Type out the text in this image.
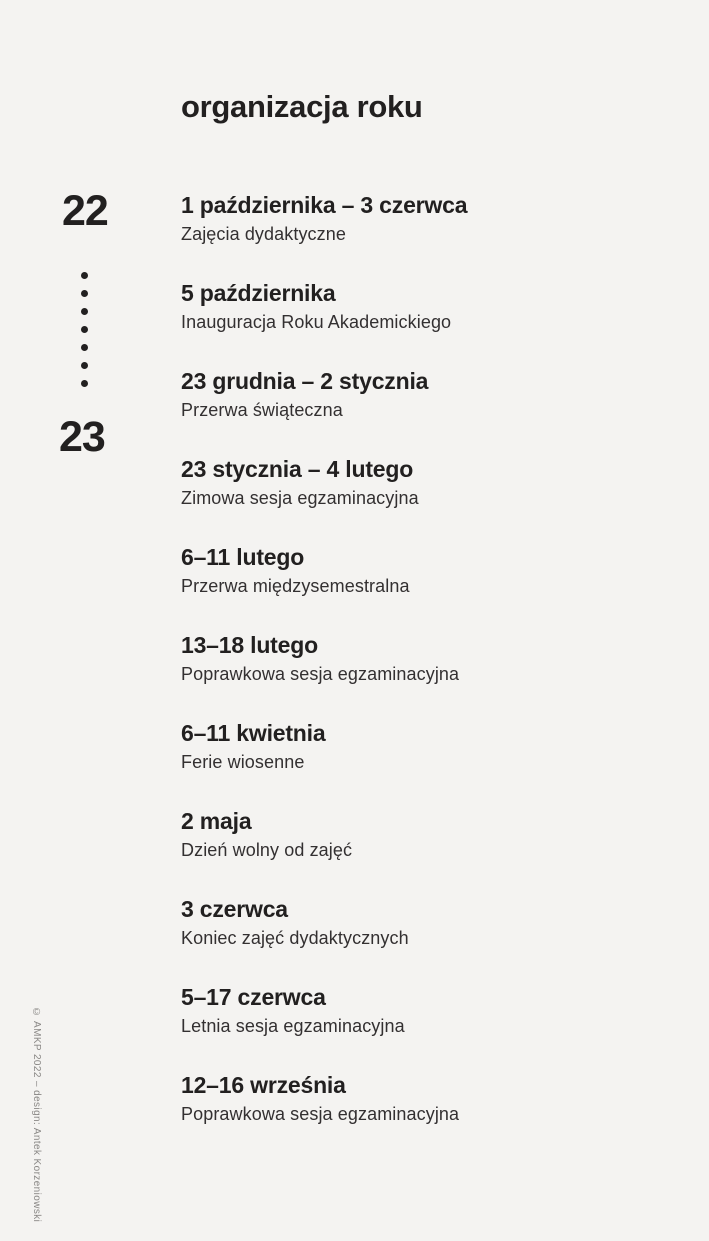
organizacja roku
22
23
1 października – 3 czerwca
Zajęcia dydaktyczne
5 października
Inauguracja Roku Akademickiego
23 grudnia – 2 stycznia
Przerwa świąteczna
23 stycznia – 4 lutego
Zimowa sesja egzaminacyjna
6–11 lutego
Przerwa międzysemestralna
13–18 lutego
Poprawkowa sesja egzaminacyjna
6–11 kwietnia
Ferie wiosenne
2 maja
Dzień wolny od zajęć
3 czerwca
Koniec zajęć dydaktycznych
5–17 czerwca
Letnia sesja egzaminacyjna
12–16 września
Poprawkowa sesja egzaminacyjna
© AMKP 2022 – design: Antek Korzeniowski
